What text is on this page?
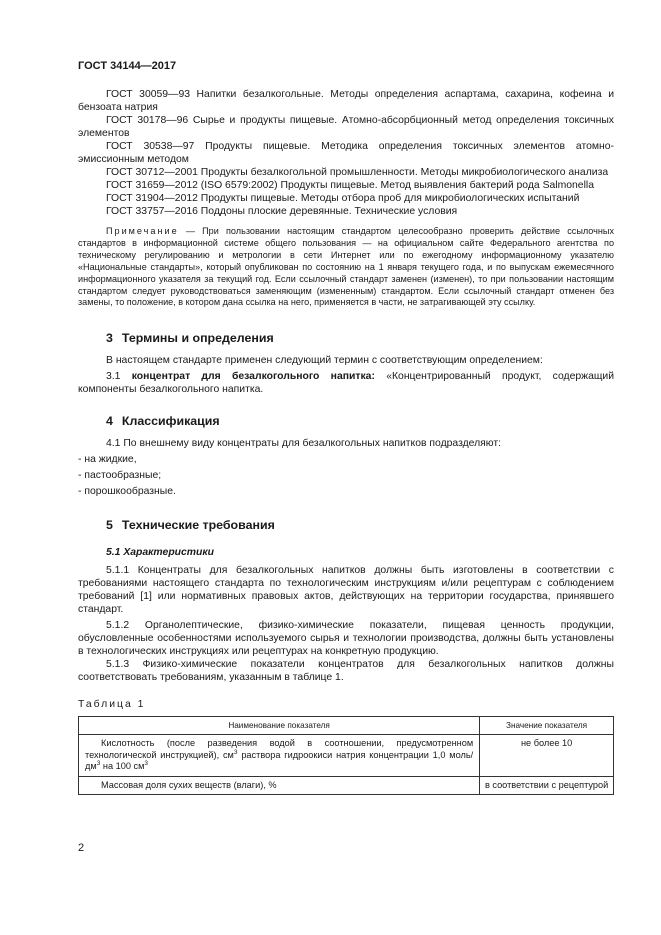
ГОСТ 34144—2017

ГОСТ 30059—93 Напитки безалкогольные. Методы определения аспартама, сахарина, кофеина и бензоата натрия

ГОСТ 30178—96 Сырье и продукты пищевые. Атомно-абсорбционный метод определения токсичных элементов

ГОСТ 30538—97 Продукты пищевые. Методика определения токсичных элементов атомно-эмиссионным методом

ГОСТ 30712—2001 Продукты безалкогольной промышленности. Методы микробиологического анализа

ГОСТ 31659—2012 (ISO 6579:2002) Продукты пищевые. Метод выявления бактерий рода Salmonella

ГОСТ 31904—2012 Продукты пищевые. Методы отбора проб для микробиологических испытаний

ГОСТ 33757—2016 Поддоны плоские деревянные. Технические условия

Примечание — При пользовании настоящим стандартом целесообразно проверить действие ссылочных стандартов в информационной системе общего пользования — на официальном сайте Федерального агентства по техническому регулированию и метрологии в сети Интернет или по ежегодному информационному указателю «Национальные стандарты», который опубликован по состоянию на 1 января текущего года, и по выпускам ежемесячного информационного указателя за текущий год. Если ссылочный стандарт заменен (изменен), то при пользовании настоящим стандартом следует руководствоваться заменяющим (измененным) стандартом. Если ссылочный стандарт отменен без замены, то положение, в котором дана ссылка на него, применяется в части, не затрагивающей эту ссылку.

3 Термины и определения

В настоящем стандарте применен следующий термин с соответствующим определением:

3.1 концентрат для безалкогольного напитка: «Концентрированный продукт, содержащий компоненты безалкогольного напитка.

4 Классификация

4.1 По внешнему виду концентраты для безалкогольных напитков подразделяют:

- на жидкие,

- пастообразные;

- порошкообразные.

5 Технические требования

5.1 Характеристики

5.1.1 Концентраты для безалкогольных напитков должны быть изготовлены в соответствии с требованиями настоящего стандарта по технологическим инструкциям и/или рецептурам с соблюдением требований [1] или нормативных правовых актов, действующих на территории государства, принявшего стандарт.

5.1.2 Органолептические, физико-химические показатели, пищевая ценность продукции, обусловленные особенностями используемого сырья и технологии производства, должны быть установлены в технологических инструкциях или рецептурах на конкретную продукцию.

5.1.3 Физико-химические показатели концентратов для безалкогольных напитков должны соответствовать требованиям, указанным в таблице 1.

Таблица 1

Наименование показателя	Значение показателя

Кислотность (после разведения водой в соотношении, предусмотренном технологической инструкцией), $см^3$ раствора гидроокиси натрия концентрации 1,0 моль/$дм^3$ на 100 $см^3$	не более 10

Массовая доля сухих веществ (влаги), %	в соответствии с рецептурой
2
